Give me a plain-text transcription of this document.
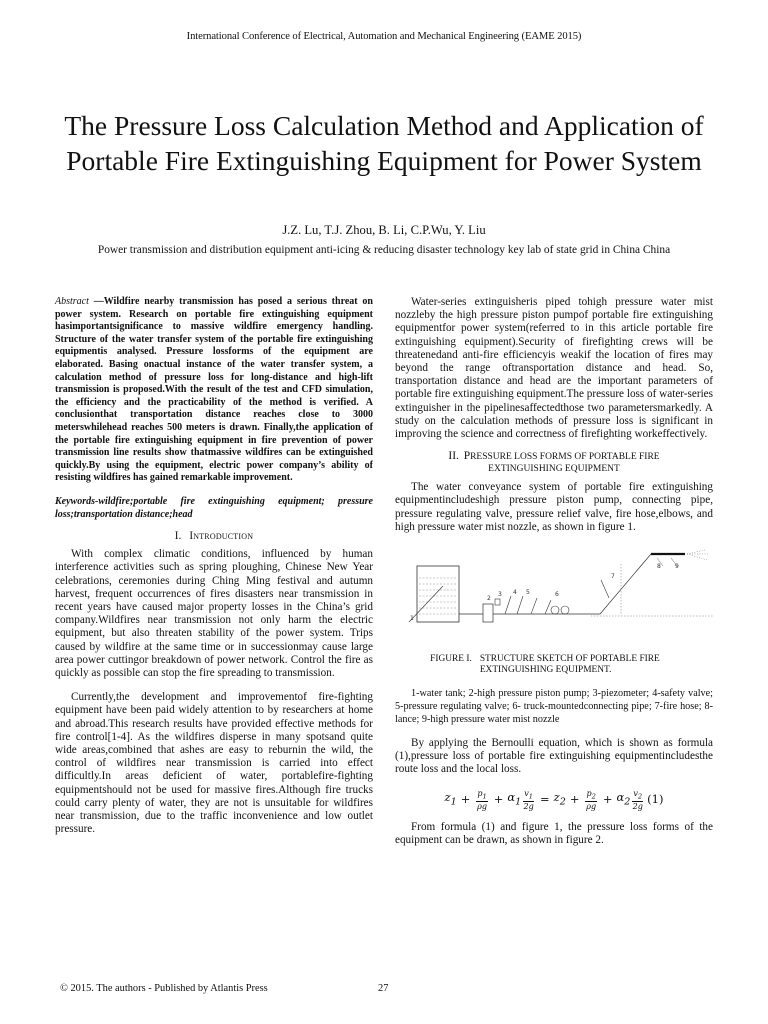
International Conference of Electrical, Automation and Mechanical Engineering (EAME 2015)
The Pressure Loss Calculation Method and Application of Portable Fire Extinguishing Equipment for Power System
J.Z. Lu, T.J. Zhou, B. Li, C.P.Wu, Y. Liu
Power transmission and distribution equipment anti-icing & reducing disaster technology key lab of state grid in China China

Abstract —Wildfire nearby transmission has posed a serious threat on power system. Research on portable fire extinguishing equipment hasimportantsignificance to massive wildfire emergency handling. Structure of the water transfer system of the portable fire extinguishing equipmentis analysed. Pressure lossforms of the equipment are elaborated. Basing onactual instance of the water transfer system, a calculation method of pressure loss for long-distance and high-lift transmission is proposed.With the result of the test and CFD simulation, the efficiency and the practicability of the method is verified. A conclusionthat transportation distance reaches close to 3000 meterswhilehead reaches 500 meters is drawn. Finally,the application of the portable fire extinguishing equipment in fire prevention of power transmission line results show thatmassive wildfires can be extinguished quickly.By using the equipment, electric power company’s ability of resisting wildfires has gained remarkable improvement.

Keywords-wildfire;portable fire extinguishing equipment; pressure loss;transportation distance;head

I. Introduction

With complex climatic conditions, influenced by human interference activities such as spring ploughing, Chinese New Year celebrations, ceremonies during Ching Ming festival and autumn harvest, frequent occurrences of fires disasters near transmission in recent years have caused major property losses in the China’s grid company.Wildfires near transmission not only harm the electric equipment, but also threaten stability of the power system. Trips caused by wildfire at the same time or in successionmay cause large area power cuttingor breakdown of power network. Control the fire as quickly as possible can stop the fire spreading to transmission.

Currently,the development and improvementof fire-fighting equipment have been paid widely attention to by researchers at home and abroad.This research results have provided effective methods for fire control[1-4]. As the wildfires disperse in many spotsand quite wide areas,combined that ashes are easy to reburnin the wild, the control of wildfires near transmission is carried into effect difficultly.In areas deficient of water, portablefire-fighting equipmentshould not be used for massive fires.Although fire trucks could carry plenty of water, they are not is unsuitable for wildfires near transmission, due to the traffic inconvenience and low outlet pressure.

Water-series extinguisheris piped tohigh pressure water mist nozzleby the high pressure piston pumpof portable fire extinguishing equipmentfor power system(referred to in this article portable fire extinguishing equipment).Security of firefighting crews will be threatenedand anti-fire efficiencyis weakif the location of fires may beyond the range oftransportation distance and head. So, transportation distance and head are the important parameters of portable fire extinguishing equipment.The pressure loss of water-series extinguisher in the pipelinesaffectedthose two parametersmarkedly. A study on the calculation methods of pressure loss is significant in improving the science and correctness of firefighting workeffectively.

II. PRESSURE LOSS FORMS OF PORTABLE FIRE
EXTINGUISHING EQUIPMENT

The water conveyance system of portable fire extinguishing equipmentincludeshigh pressure piston pump, connecting pipe, pressure regulating valve, pressure relief valve, fire hose,elbows, and high pressure water mist nozzle, as shown in figure 1.

1
2
3 4 5	6
7
8 9
FIGURE I. STRUCTURE SKETCH OF PORTABLE FIRE EXTINGUISHING EQUIPMENT.

1-water tank; 2-high pressure piston pump; 3-piezometer; 4-safety valve; 5-pressure regulating valve; 6- truck-mountedconnecting pipe; 7-fire hose; 8-lance; 9-high pressure water mist nozzle

By applying the Bernoulli equation, which is shown as formula (1),pressure loss of portable fire extinguishing equipmentincludesthe route loss and the local loss.

$z_1 + \frac{p_1}{\rho g} + \alpha_1 \frac{v_1}{2g} = z_2 + \frac{p_2}{\rho g} + \alpha_2 \frac{v_2}{2g} (1)$

From formula (1) and figure 1, the pressure loss forms of the equipment can be drawn, as shown in figure 2.

© 2015. The authors - Published by Atlantis Press	27
